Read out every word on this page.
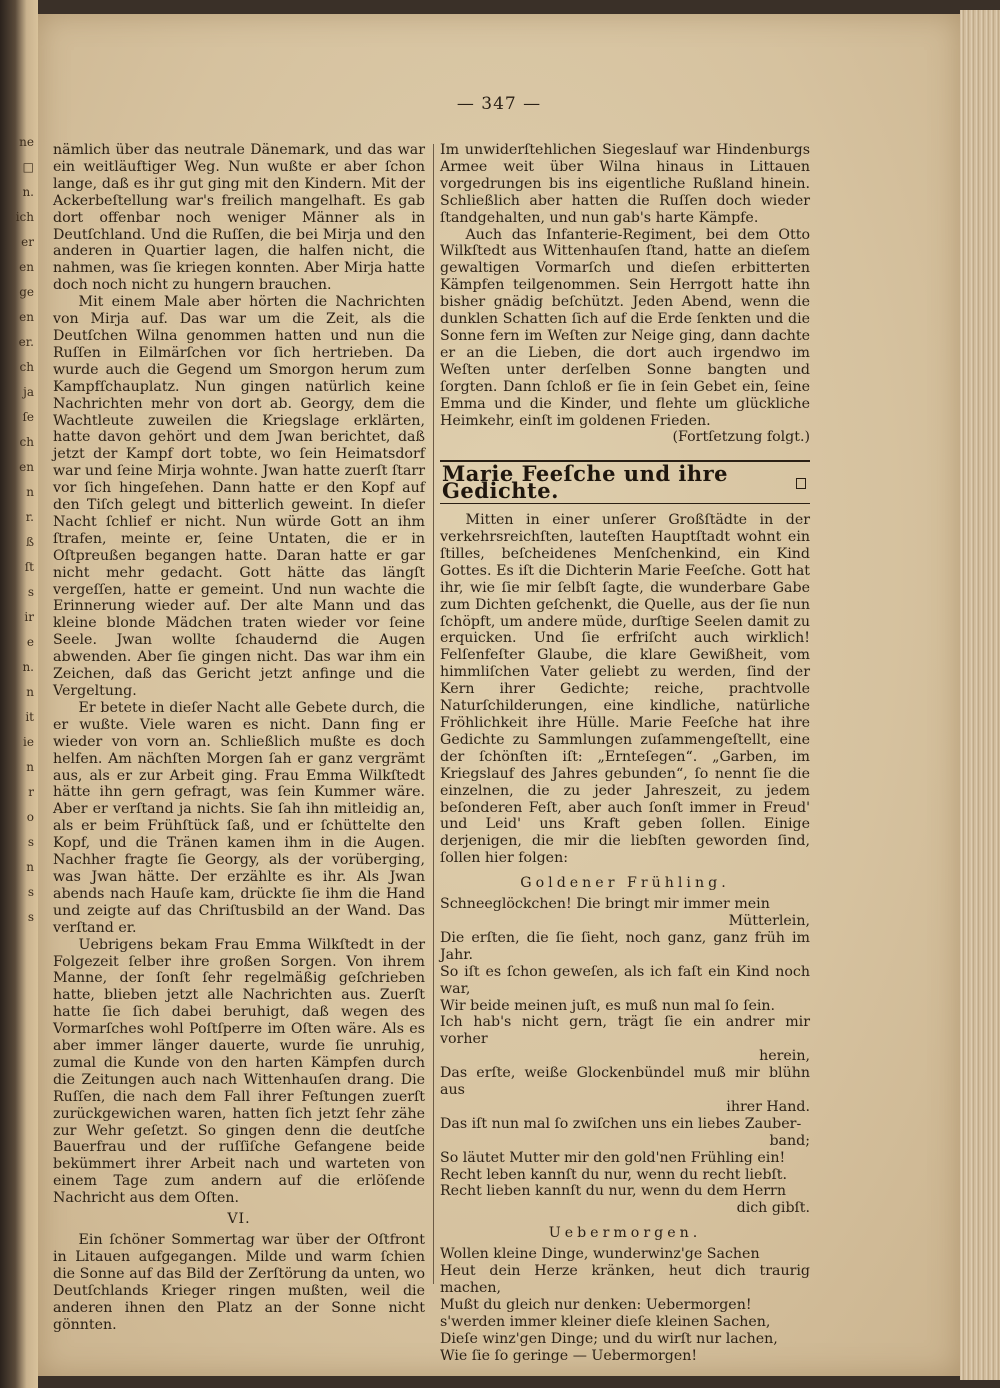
ne
□
n.
ich
er
en
ge
en
er.
ch
ja
ſe
ch
en
n
r.
ß
ſt
s
ir
e
n.
n
it
ie
n
r
o
s
n
s
s
— 347 —

nämlich über das neutrale Dänemark, und das war ein weitläuftiger Weg. Nun wußte er aber ſchon lange, daß es ihr gut ging mit den Kindern. Mit der Ackerbeſtellung war's freilich mangelhaft. Es gab dort offenbar noch weniger Männer als in Deutſchland. Und die Ruſſen, die bei Mirja und den anderen in Quartier lagen, die halfen nicht, die nahmen, was ſie kriegen konnten. Aber Mirja hatte doch noch nicht zu hungern brauchen.

Mit einem Male aber hörten die Nachrichten von Mirja auf. Das war um die Zeit, als die Deutſchen Wilna genommen hatten und nun die Ruſſen in Eilmärſchen vor ſich hertrieben. Da wurde auch die Gegend um Smorgon herum zum Kampfſchauplatz. Nun gingen natürlich keine Nachrichten mehr von dort ab. Georgy, dem die Wachtleute zuweilen die Kriegslage erklärten, hatte davon gehört und dem Jwan berichtet, daß jetzt der Kampf dort tobte, wo ſein Heimatsdorf war und ſeine Mirja wohnte. Jwan hatte zuerſt ſtarr vor ſich hingeſehen. Dann hatte er den Kopf auf den Tiſch gelegt und bitterlich geweint. In dieſer Nacht ſchlief er nicht. Nun würde Gott an ihm ſtrafen, meinte er, ſeine Untaten, die er in Oſtpreußen begangen hatte. Daran hatte er gar nicht mehr gedacht. Gott hätte das längſt vergeſſen, hatte er gemeint. Und nun wachte die Erinnerung wieder auf. Der alte Mann und das kleine blonde Mädchen traten wieder vor ſeine Seele. Jwan wollte ſchaudernd die Augen abwenden. Aber ſie gingen nicht. Das war ihm ein Zeichen, daß das Gericht jetzt anfinge und die Vergeltung.

Er betete in dieſer Nacht alle Gebete durch, die er wußte. Viele waren es nicht. Dann fing er wieder von vorn an. Schließlich mußte es doch helfen. Am nächſten Morgen ſah er ganz vergrämt aus, als er zur Arbeit ging. Frau Emma Wilkſtedt hätte ihn gern gefragt, was ſein Kummer wäre. Aber er verſtand ja nichts. Sie ſah ihn mitleidig an, als er beim Frühſtück ſaß, und er ſchüttelte den Kopf, und die Tränen kamen ihm in die Augen. Nachher fragte ſie Georgy, als der vorüberging, was Jwan hätte. Der erzählte es ihr. Als Jwan abends nach Hauſe kam, drückte ſie ihm die Hand und zeigte auf das Chriſtusbild an der Wand. Das verſtand er.

Uebrigens bekam Frau Emma Wilkſtedt in der Folgezeit ſelber ihre großen Sorgen. Von ihrem Manne, der ſonſt ſehr regelmäßig geſchrieben hatte, blieben jetzt alle Nachrichten aus. Zuerſt hatte ſie ſich dabei beruhigt, daß wegen des Vormarſches wohl Poſtſperre im Oſten wäre. Als es aber immer länger dauerte, wurde ſie unruhig, zumal die Kunde von den harten Kämpfen durch die Zeitungen auch nach Wittenhauſen drang. Die Ruſſen, die nach dem Fall ihrer Feſtungen zuerſt zurückgewichen waren, hatten ſich jetzt ſehr zähe zur Wehr geſetzt. So gingen denn die deutſche Bauerfrau und der ruſſiſche Gefangene beide bekümmert ihrer Arbeit nach und warteten von einem Tage zum andern auf die erlöſende Nachricht aus dem Oſten.

VI.

Ein ſchöner Sommertag war über der Oſtfront in Litauen aufgegangen. Milde und warm ſchien die Sonne auf das Bild der Zerſtörung da unten, wo Deutſchlands Krieger ringen mußten, weil die anderen ihnen den Platz an der Sonne nicht gönnten.

Im unwiderſtehlichen Siegeslauf war Hindenburgs Armee weit über Wilna hinaus in Littauen vorgedrungen bis ins eigentliche Rußland hinein. Schließlich aber hatten die Ruſſen doch wieder ſtandgehalten, und nun gab's harte Kämpfe.

Auch das Infanterie-Regiment, bei dem Otto Wilkſtedt aus Wittenhauſen ſtand, hatte an dieſem gewaltigen Vormarſch und dieſen erbitterten Kämpfen teilgenommen. Sein Herrgott hatte ihn bisher gnädig beſchützt. Jeden Abend, wenn die dunklen Schatten ſich auf die Erde ſenkten und die Sonne fern im Weſten zur Neige ging, dann dachte er an die Lieben, die dort auch irgendwo im Weſten unter derſelben Sonne bangten und ſorgten. Dann ſchloß er ſie in ſein Gebet ein, ſeine Emma und die Kinder, und flehte um glückliche Heimkehr, einſt im goldenen Frieden.

(Fortſetzung folgt.)

Marie Feeſche und ihre Gedichte.

Mitten in einer unſerer Großſtädte in der verkehrsreichſten, lauteſten Hauptſtadt wohnt ein ſtilles, beſcheidenes Menſchenkind, ein Kind Gottes. Es iſt die Dichterin Marie Feeſche. Gott hat ihr, wie ſie mir ſelbſt ſagte, die wunderbare Gabe zum Dichten geſchenkt, die Quelle, aus der ſie nun ſchöpft, um andere müde, durſtige Seelen damit zu erquicken. Und ſie erfriſcht auch wirklich! Felſenfeſter Glaube, die klare Gewißheit, vom himmliſchen Vater geliebt zu werden, ſind der Kern ihrer Gedichte; reiche, prachtvolle Naturſchilderungen, eine kindliche, natürliche Fröhlichkeit ihre Hülle. Marie Feeſche hat ihre Gedichte zu Sammlungen zuſammengeſtellt, eine der ſchönſten iſt: „Ernteſegen“. „Garben, im Kriegslauf des Jahres gebunden“, ſo nennt ſie die einzelnen, die zu jeder Jahreszeit, zu jedem beſonderen Feſt, aber auch ſonſt immer in Freud' und Leid' uns Kraft geben ſollen. Einige derjenigen, die mir die liebſten geworden ſind, ſollen hier folgen:

Goldener Frühling.

Schneeglöckchen! Die bringt mir immer mein

Mütterlein,

Die erſten, die ſie ſieht, noch ganz, ganz früh im Jahr.

So iſt es ſchon geweſen, als ich faſt ein Kind noch war,

Wir beide meinen juſt, es muß nun mal ſo ſein.

Ich hab's nicht gern, trägt ſie ein andrer mir vorher

herein,

Das erſte, weiße Glockenbündel muß mir blühn aus

ihrer Hand.

Das iſt nun mal ſo zwiſchen uns ein liebes Zauber-

band;

So läutet Mutter mir den gold'nen Frühling ein!

Recht leben kannſt du nur, wenn du recht liebſt.

Recht lieben kannſt du nur, wenn du dem Herrn

dich gibſt.

Uebermorgen.

Wollen kleine Dinge, wunderwinz'ge Sachen

Heut dein Herze kränken, heut dich traurig machen,

Mußt du gleich nur denken: Uebermorgen!

s'werden immer kleiner dieſe kleinen Sachen,

Dieſe winz'gen Dinge; und du wirſt nur lachen,

Wie ſie ſo geringe — Uebermorgen!
